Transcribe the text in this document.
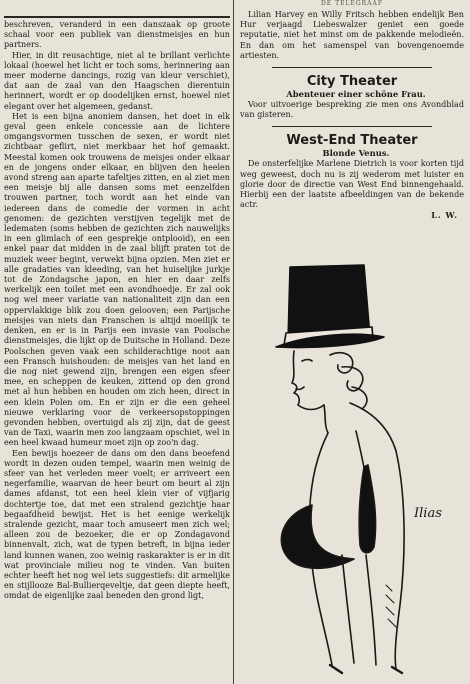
beschreven, veranderd in een danszaak op groote schaal voor een publiek van dienstmeisjes en hun partners.

Hier, in dit reusachtige, niet al te brillant verlichte lokaal (hoewel het licht er toch soms, herinnering aan meer moderne dancings, rozig van kleur verschiet), dat aan de zaal van den Haagschen dierentuin herinnert, wordt er op doodelijken ernst, hoewel niet elegant over het algemeen, gedanst.

Het is een bijna anoniem dansen, het doet in elk geval geen enkele concessie aan de lichtere omgangsvormen tusschen de sexen, er wordt niet zichtbaar geflirt, niet merkbaar het hof gemaakt. Meestal komen ook trouwens de meisjes onder elkaar en de jongens onder elkaar, en blijven den heelen avond streng aan aparte tafeltjes zitten, en al ziet men een meisje bij alle dansen soms met eenzelfden trouwen partner, toch wordt aan het einde van iedereen dans de comedie der vormen in acht genomen: de gezichten verstijven tegelijk met de ledematen (soms hebben de gezichten zich nauwelijks in een glimlach of een gesprekje ontplooid), en een enkel paar dat midden in de zaal blijft praten tot de muziek weer begint, verwekt bijna opzien. Men ziet er alle gradaties van kleeding, van het huiselijke jurkje tot de Zondagsche japon, en hier en daar zelfs werkelijk een toilet met een avondhoedje. Er zal ook nog wel meer variatie van nationaliteit zijn dan een oppervlakkige blik zou doen gelooven; een Parijsche meisjes van niets dan Franschen is altijd moeilijk te denken, en er is in Parijs een invasie van Poolsche dienstmeisjes, die lijkt op de Duitsche in Holland. Deze Poolschen geven vaak een schilderachtige noot aan een Fransch huishouden: de meisjes van het land en die nog niet gewend zijn, brengen een eigen sfeer mee, en scheppen de keuken, zittend op den grond met al hun hebben en houden om zich heen, direct in een klein Polen om. En er zijn er die een geheel nieuwe verklaring voor de verkeersopstoppingen gevonden hebben, overtuigd als zij zijn, dat de geest van de Taxi, waarin men zoo langzaam opschiet, wel in een heel kwaad humeur moet zijn op zoo'n dag.

Een bewijs hoezeer de dans om den dans beoefend wordt in dezen ouden tempel, waarin men weinig de sfeer van het verleden meer voelt; er arriveert een negerfamilie, waarvan de heer beurt om beurt al zijn dames afdanst, tot een heel klein vier of vijfjarig dochtertje toe, dat met een stralend gezichtje haar begaafdheid bewijst. Het is het eenige werkelijk stralende gezicht, maar toch amuseert men zich wel; alleen zou de bezoeker, die er op Zondagavond binnenvalt, zich, wat de typen betreft, in bijna ieder land kunnen wanen, zoo weinig raskarakter is er in dit wat provinciale milieu nog te vinden. Van buiten echter heeft het nog wel iets suggestiefs: dit armelijke en stijllooze Bal-Bullierqeveltje, dat geen diepte heeft, omdat de eigenlijke zaal beneden den grond ligt,

DE TELEGRAAF

Lilian Harvey en Willy Fritsch hebben endelijk Ben Hur verjaagd Liebeswalzer geniet een goede reputatie, niet het minst om de pakkende melodieën. En dan om het samenspel van bovengenoemde artiesten.

City Theater

Abenteuer einer schöne Frau.

Voor uitvoerige bespreking zie men ons Avondblad van gisteren.

West-End Theater

Blonde Venus.

De onsterfelijke Marlene Dietrich is voor korten tijd weg geweest, doch nu is zij wederom met luister en glorie door de directie van West End binnengehaald. Hierbij een der laatste afbeeldingen van de bekende actr.

L. W.

Ilias
